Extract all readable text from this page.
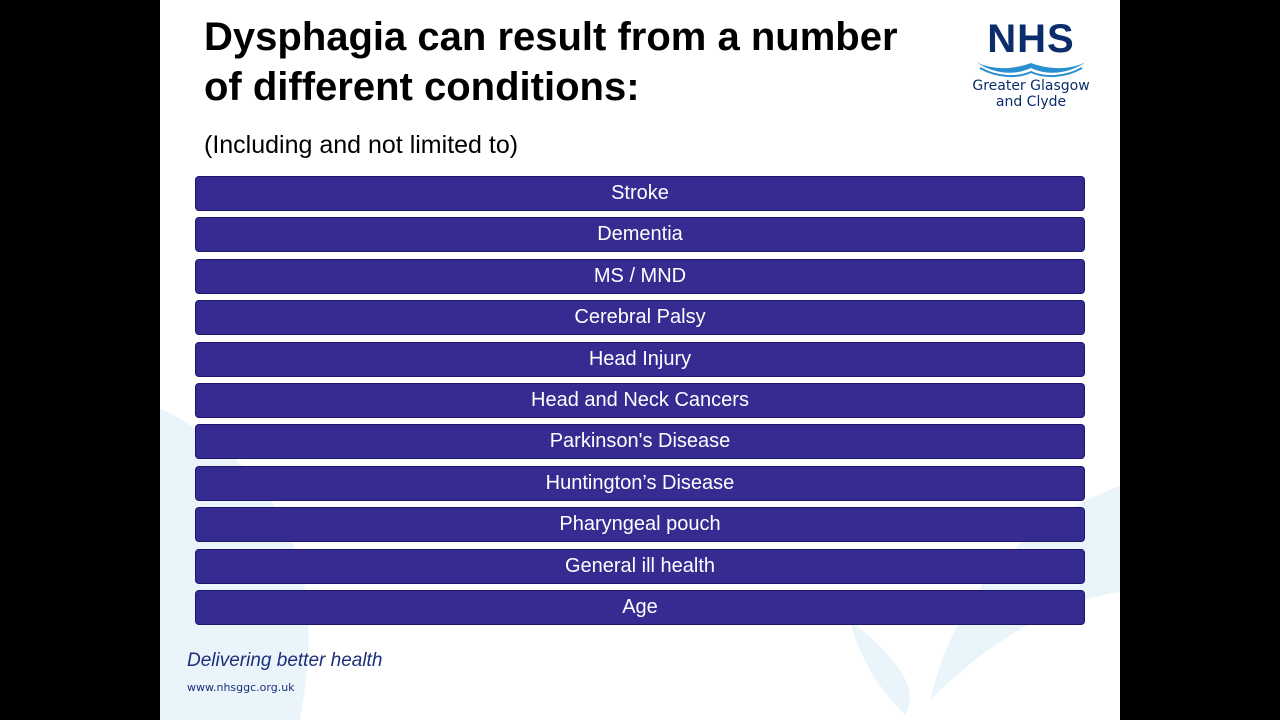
Dysphagia can result from a number of different conditions:
(Including and not limited to)
NHS
Greater Glasgow
and Clyde
Stroke
Dementia
MS / MND
Cerebral Palsy
Head Injury
Head and Neck Cancers
Parkinson's Disease
Huntington’s Disease
Pharyngeal pouch
General ill health
Age
Delivering better health
www.nhsggc.org.uk
